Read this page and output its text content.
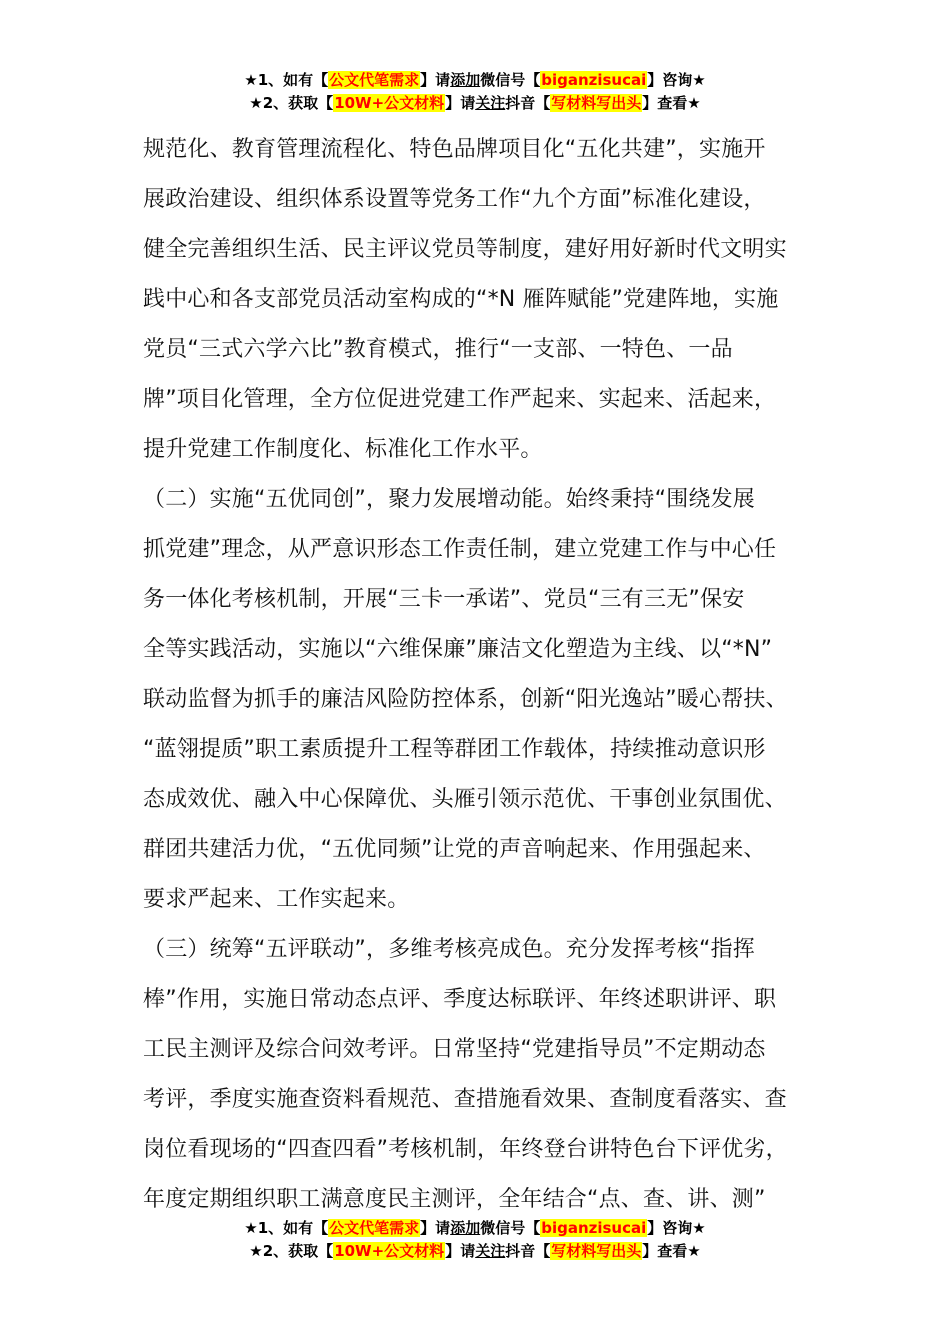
★1、如有【公文代笔需求】请添加微信号【biganzisucai】咨询★
★2、获取【10W+公文材料】请关注抖音【写材料写出头】查看★
规范化、教育管理流程化、特色品牌项目化“五化共建”，实施开
展政治建设、组织体系设置等党务工作“九个方面”标准化建设，
健全完善组织生活、民主评议党员等制度，建好用好新时代文明实
践中心和各支部党员活动室构成的“*N 雁阵赋能”党建阵地，实施
党员“三式六学六比”教育模式，推行“一支部、一特色、一品
牌”项目化管理，全方位促进党建工作严起来、实起来、活起来，
提升党建工作制度化、标准化工作水平。
（二）实施“五优同创”，聚力发展增动能。始终秉持“围绕发展
抓党建”理念，从严意识形态工作责任制，建立党建工作与中心任
务一体化考核机制，开展“三卡一承诺”、党员“三有三无”保安
全等实践活动，实施以“六维保廉”廉洁文化塑造为主线、以“*N”
联动监督为抓手的廉洁风险防控体系，创新“阳光逸站”暖心帮扶、
“蓝翎提质”职工素质提升工程等群团工作载体，持续推动意识形
态成效优、融入中心保障优、头雁引领示范优、干事创业氛围优、
群团共建活力优，“五优同频”让党的声音响起来、作用强起来、
要求严起来、工作实起来。
（三）统筹“五评联动”，多维考核亮成色。充分发挥考核“指挥
棒”作用，实施日常动态点评、季度达标联评、年终述职讲评、职
工民主测评及综合问效考评。日常坚持“党建指导员”不定期动态
考评，季度实施查资料看规范、查措施看效果、查制度看落实、查
岗位看现场的“四查四看”考核机制，年终登台讲特色台下评优劣，
年度定期组织职工满意度民主测评，全年结合“点、查、讲、测”
★1、如有【公文代笔需求】请添加微信号【biganzisucai】咨询★
★2、获取【10W+公文材料】请关注抖音【写材料写出头】查看★
